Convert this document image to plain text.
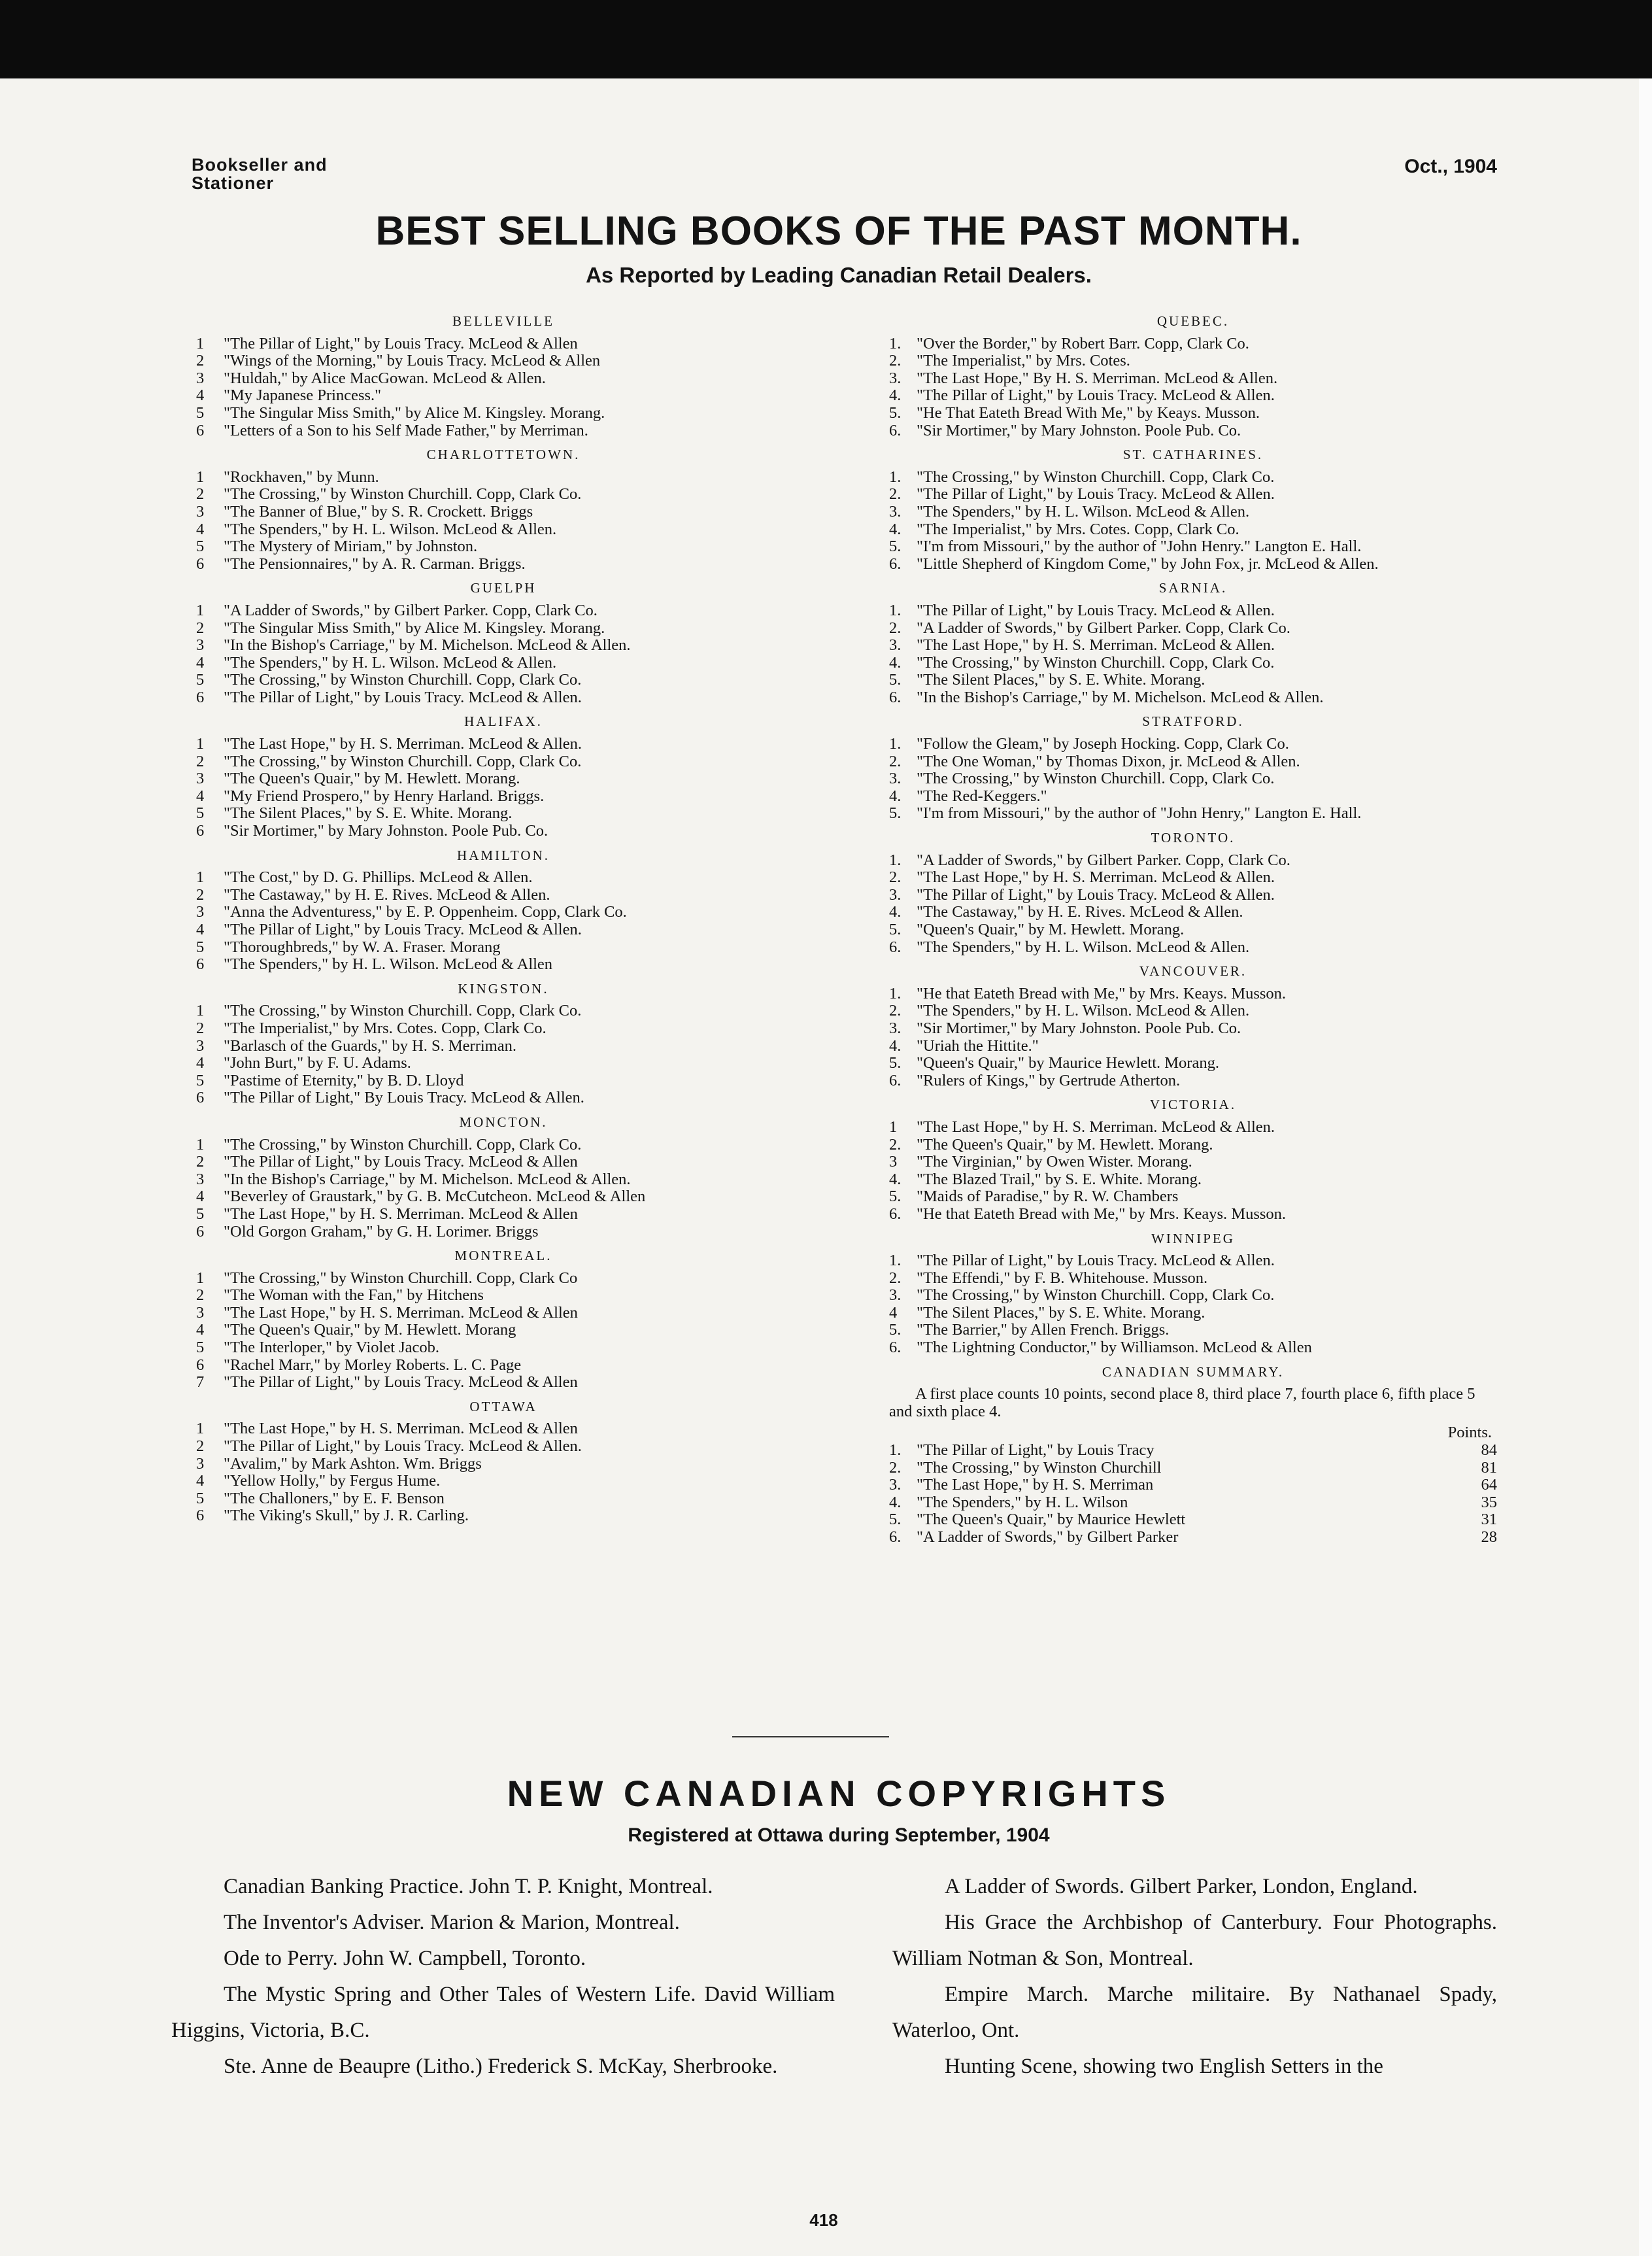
Bookseller and Stationer
Oct., 1904
BEST SELLING BOOKS OF THE PAST MONTH.
As Reported by Leading Canadian Retail Dealers.
BELLEVILLE
1	"The Pillar of Light," by Louis Tracy. McLeod & Allen
2	"Wings of the Morning," by Louis Tracy. McLeod & Allen
3	"Huldah," by Alice MacGowan. McLeod & Allen.
4	"My Japanese Princess."
5	"The Singular Miss Smith," by Alice M. Kingsley. Morang.
6	"Letters of a Son to his Self Made Father," by Merriman.
CHARLOTTETOWN.
1	"Rockhaven," by Munn.
2	"The Crossing," by Winston Churchill. Copp, Clark Co.
3	"The Banner of Blue," by S. R. Crockett. Briggs
4	"The Spenders," by H. L. Wilson. McLeod & Allen.
5	"The Mystery of Miriam," by Johnston.
6	"The Pensionnaires," by A. R. Carman. Briggs.
GUELPH
1	"A Ladder of Swords," by Gilbert Parker. Copp, Clark Co.
2	"The Singular Miss Smith," by Alice M. Kingsley. Morang.
3	"In the Bishop's Carriage," by M. Michelson. McLeod & Allen.
4	"The Spenders," by H. L. Wilson. McLeod & Allen.
5	"The Crossing," by Winston Churchill. Copp, Clark Co.
6	"The Pillar of Light," by Louis Tracy. McLeod & Allen.
HALIFAX.
1	"The Last Hope," by H. S. Merriman. McLeod & Allen.
2	"The Crossing," by Winston Churchill. Copp, Clark Co.
3	"The Queen's Quair," by M. Hewlett. Morang.
4	"My Friend Prospero," by Henry Harland. Briggs.
5	"The Silent Places," by S. E. White. Morang.
6	"Sir Mortimer," by Mary Johnston. Poole Pub. Co.
HAMILTON.
1	"The Cost," by D. G. Phillips. McLeod & Allen.
2	"The Castaway," by H. E. Rives. McLeod & Allen.
3	"Anna the Adventuress," by E. P. Oppenheim. Copp, Clark Co.
4	"The Pillar of Light," by Louis Tracy. McLeod & Allen.
5	"Thoroughbreds," by W. A. Fraser. Morang
6	"The Spenders," by H. L. Wilson. McLeod & Allen
KINGSTON.
1	"The Crossing," by Winston Churchill. Copp, Clark Co.
2	"The Imperialist," by Mrs. Cotes. Copp, Clark Co.
3	"Barlasch of the Guards," by H. S. Merriman.
4	"John Burt," by F. U. Adams.
5	"Pastime of Eternity," by B. D. Lloyd
6	"The Pillar of Light," By Louis Tracy. McLeod & Allen.
MONCTON.
1	"The Crossing," by Winston Churchill. Copp, Clark Co.
2	"The Pillar of Light," by Louis Tracy. McLeod & Allen
3	"In the Bishop's Carriage," by M. Michelson. McLeod & Allen.
4	"Beverley of Graustark," by G. B. McCutcheon. McLeod & Allen
5	"The Last Hope," by H. S. Merriman. McLeod & Allen
6	"Old Gorgon Graham," by G. H. Lorimer. Briggs
MONTREAL.
1	"The Crossing," by Winston Churchill. Copp, Clark Co
2	"The Woman with the Fan," by Hitchens
3	"The Last Hope," by H. S. Merriman. McLeod & Allen
4	"The Queen's Quair," by M. Hewlett. Morang
5	"The Interloper," by Violet Jacob.
6	"Rachel Marr," by Morley Roberts. L. C. Page
7	"The Pillar of Light," by Louis Tracy. McLeod & Allen
OTTAWA
1	"The Last Hope," by H. S. Merriman. McLeod & Allen
2	"The Pillar of Light," by Louis Tracy. McLeod & Allen.
3	"Avalim," by Mark Ashton. Wm. Briggs
4	"Yellow Holly," by Fergus Hume.
5	"The Challoners," by E. F. Benson
6	"The Viking's Skull," by J. R. Carling.
QUEBEC.
1. "Over the Border," by Robert Barr. Copp, Clark Co.
2. "The Imperialist," by Mrs. Cotes.
3. "The Last Hope," By H. S. Merriman. McLeod & Allen.
4. "The Pillar of Light," by Louis Tracy. McLeod & Allen.
5. "He That Eateth Bread With Me," by Keays. Musson.
6. "Sir Mortimer," by Mary Johnston. Poole Pub. Co.
ST. CATHARINES.
1. "The Crossing," by Winston Churchill. Copp, Clark Co.
2. "The Pillar of Light," by Louis Tracy. McLeod & Allen.
3. "The Spenders," by H. L. Wilson. McLeod & Allen.
4. "The Imperialist," by Mrs. Cotes. Copp, Clark Co.
5. "I'm from Missouri," by the author of "John Henry." Langton E. Hall.
6. "Little Shepherd of Kingdom Come," by John Fox, jr. McLeod & Allen.
SARNIA.
1. "The Pillar of Light," by Louis Tracy. McLeod & Allen.
2. "A Ladder of Swords," by Gilbert Parker. Copp, Clark Co.
3. "The Last Hope," by H. S. Merriman. McLeod & Allen.
4. "The Crossing," by Winston Churchill. Copp, Clark Co.
5. "The Silent Places," by S. E. White. Morang.
6. "In the Bishop's Carriage," by M. Michelson. McLeod & Allen.
STRATFORD.
1. "Follow the Gleam," by Joseph Hocking. Copp, Clark Co.
2. "The One Woman," by Thomas Dixon, jr. McLeod & Allen.
3. "The Crossing," by Winston Churchill. Copp, Clark Co.
4. "The Red-Keggers."
5. "I'm from Missouri," by the author of "John Henry," Langton E. Hall.
TORONTO.
1. "A Ladder of Swords," by Gilbert Parker. Copp, Clark Co.
2. "The Last Hope," by H. S. Merriman. McLeod & Allen.
3. "The Pillar of Light," by Louis Tracy. McLeod & Allen.
4. "The Castaway," by H. E. Rives. McLeod & Allen.
5. "Queen's Quair," by M. Hewlett. Morang.
6. "The Spenders," by H. L. Wilson. McLeod & Allen.
VANCOUVER.
1. "He that Eateth Bread with Me," by Mrs. Keays. Musson.
2. "The Spenders," by H. L. Wilson. McLeod & Allen.
3. "Sir Mortimer," by Mary Johnston. Poole Pub. Co.
4. "Uriah the Hittite."
5. "Queen's Quair," by Maurice Hewlett. Morang.
6. "Rulers of Kings," by Gertrude Atherton.
VICTORIA.
1	"The Last Hope," by H. S. Merriman. McLeod & Allen.
2. "The Queen's Quair," by M. Hewlett. Morang.
3	"The Virginian," by Owen Wister. Morang.
4. "The Blazed Trail," by S. E. White. Morang.
5. "Maids of Paradise," by R. W. Chambers
6. "He that Eateth Bread with Me," by Mrs. Keays. Musson.
WINNIPEG
1. "The Pillar of Light," by Louis Tracy. McLeod & Allen.
2. "The Effendi," by F. B. Whitehouse. Musson.
3. "The Crossing," by Winston Churchill. Copp, Clark Co.
4	"The Silent Places," by S. E. White. Morang.
5. "The Barrier," by Allen French. Briggs.
6. "The Lightning Conductor," by Williamson. McLeod & Allen
CANADIAN SUMMARY.
A first place counts 10 points, second place 8, third place 7, fourth place 6, fifth place 5 and sixth place 4.
Points.
1. "The Pillar of Light," by Louis Tracy	84
2. "The Crossing," by Winston Churchill	81
3. "The Last Hope," by H. S. Merriman	64
4. "The Spenders," by H. L. Wilson	35
5. "The Queen's Quair," by Maurice Hewlett	31
6. "A Ladder of Swords," by Gilbert Parker	28
NEW CANADIAN COPYRIGHTS
Registered at Ottawa during September, 1904

Canadian Banking Practice. John T. P. Knight, Montreal.

The Inventor's Adviser. Marion & Marion, Montreal.

Ode to Perry. John W. Campbell, Toronto.

The Mystic Spring and Other Tales of Western Life. David William Higgins, Victoria, B.C.

Ste. Anne de Beaupre (Litho.) Frederick S. McKay, Sherbrooke.

A Ladder of Swords. Gilbert Parker, London, England.

His Grace the Archbishop of Canterbury. Four Photographs. William Notman & Son, Montreal.

Empire March. Marche militaire. By Nathanael Spady, Waterloo, Ont.

Hunting Scene, showing two English Setters in the

418
